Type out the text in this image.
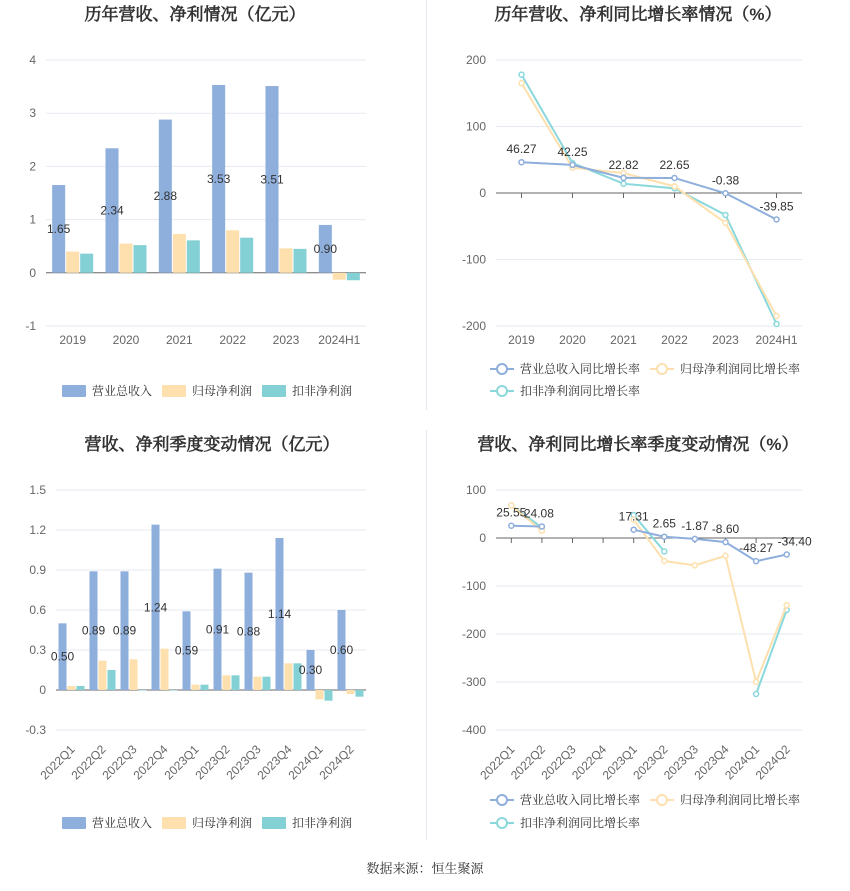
历年营收、净利情况（亿元）
4
3
2
1
0
-1
2019 2020 2021 2022 2023 2024H1
1.65
2.34
2.88
3.53 3.51
0.90
营业总收入	归母净利润	扣非净利润
历年营收、净利同比增长率情况（%）
200
100
0
-100
-200
2019 2020 2021 2022 2023 2024H1
46.27 42.25
22.82 22.65
-0.38
-39.85
营业总收入同比增长率	归母净利润同比增长率
扣非净利润同比增长率
营收、净利季度变动情况（亿元）
1.5
1.2
0.9
0.6
0.3
0
-0.3
2022Q1
2022Q2
2022Q3
2022Q4
2023Q1
2023Q2
2023Q3
2023Q4
2024Q1
2024Q2
0.50
0.89 0.89
1.24
0.59
0.91 0.88
1.14
0.30
0.60
营业总收入	归母净利润	扣非净利润
营收、净利同比增长率季度变动情况（%）
100
0
-100
-200
-300
-400
2022Q1
2022Q2
2022Q3
2022Q4
2023Q1
2023Q2
2023Q3
2023Q4
2024Q1
2024Q2
25.55
24.08	17.31
2.65 -1.87 -8.60
-48.27 -34.40
营业总收入同比增长率	归母净利润同比增长率
扣非净利润同比增长率
数据来源：恒生聚源
